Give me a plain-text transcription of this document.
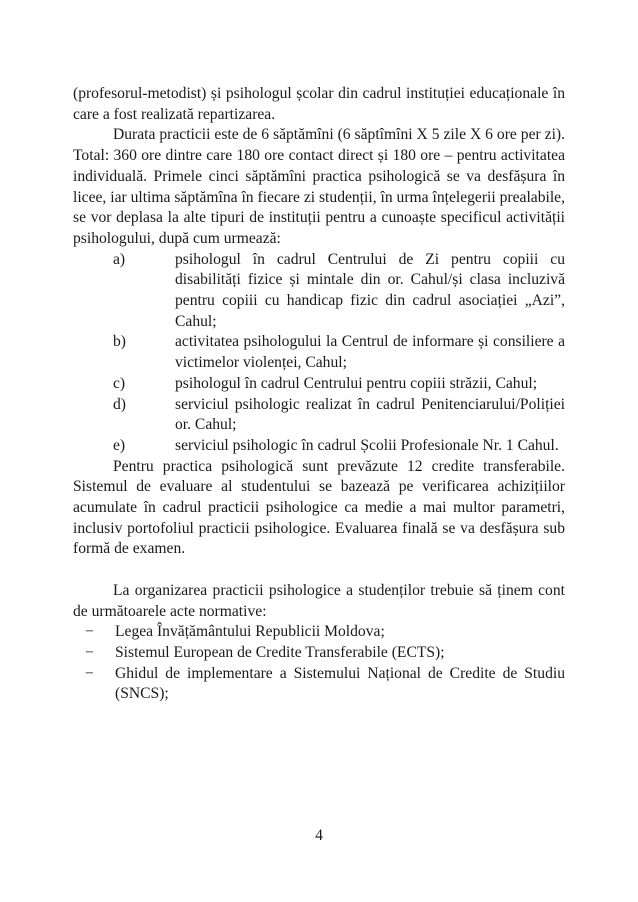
(profesorul-metodist) și psihologul școlar din cadrul instituției educaționale în care a fost realizată repartizarea.

Durata practicii este de 6 săptămîni (6 săptîmîni X 5 zile X 6 ore per zi). Total: 360 ore dintre care 180 ore contact direct și 180 ore – pentru activitatea individuală. Primele cinci săptămîni practica psihologică se va desfășura în licee, iar ultima săptămîna în fiecare zi studenții, în urma înțelegerii prealabile, se vor deplasa la alte tipuri de instituții pentru a cunoaște specificul activității psihologului, după cum urmează:

a)	psihologul în cadrul Centrului de Zi pentru copiii cu disabilități fizice și mintale din or. Cahul/și clasa incluzivă pentru copiii cu handicap fizic din cadrul asociației „Azi”, Cahul;
b)	activitatea psihologului la Centrul de informare și consiliere a victimelor violenței, Cahul;
c)	psihologul în cadrul Centrului pentru copiii străzii, Cahul;
d)	serviciul psihologic realizat în cadrul Penitenciarului/Poliției or. Cahul;
e)	serviciul psihologic în cadrul Școlii Profesionale Nr. 1 Cahul.

Pentru practica psihologică sunt prevăzute 12 credite transferabile. Sistemul de evaluare al studentului se bazează pe verificarea achizițiilor acumulate în cadrul practicii psihologice ca medie a mai multor parametri, inclusiv portofoliul practicii psihologice. Evaluarea finală se va desfășura sub formă de examen.

La organizarea practicii psihologice a studenților trebuie să ținem cont de următoarele acte normative:

−	Legea Învățământului Republicii Moldova;
−	Sistemul European de Credite Transferabile (ECTS);
−	Ghidul de implementare a Sistemului Național de Credite de Studiu (SNCS);
4
